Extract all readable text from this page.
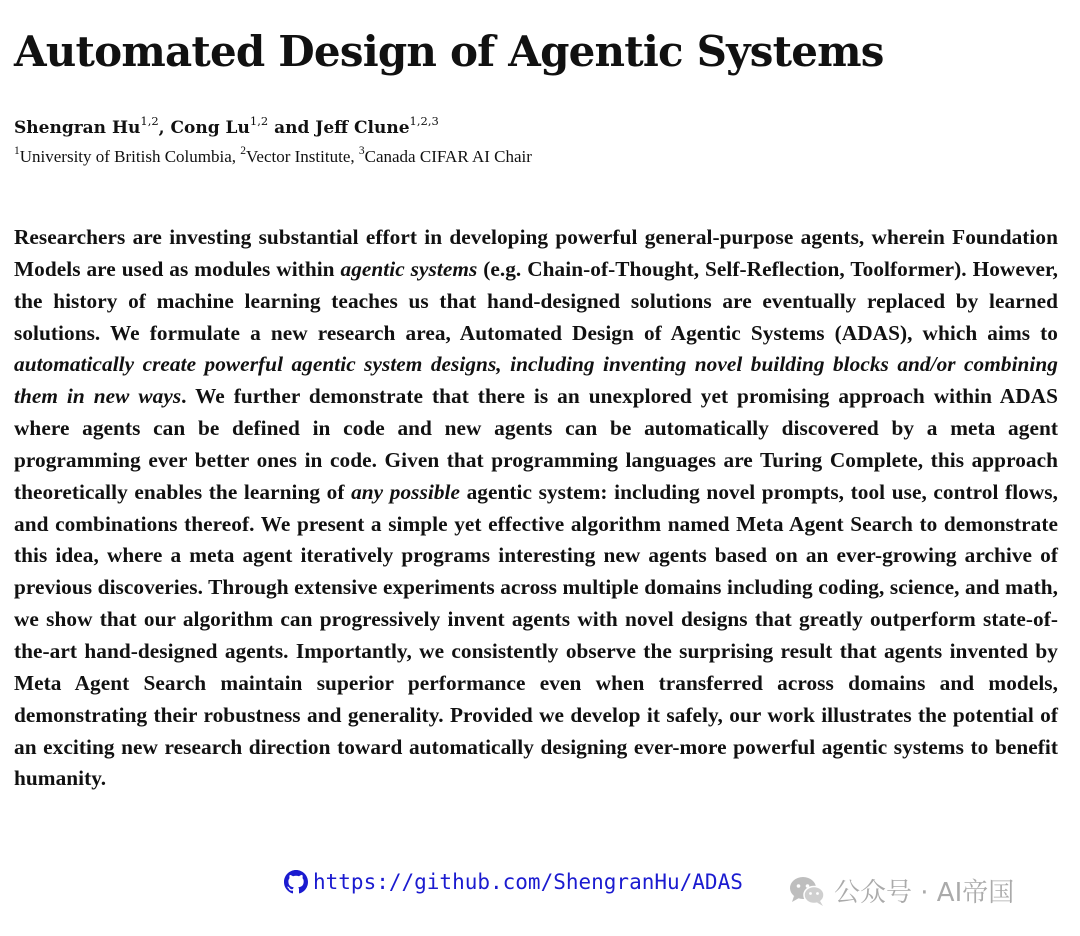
Automated Design of Agentic Systems
Shengran Hu$^{1,2}$, Cong Lu$^{1,2}$ and Jeff Clune$^{1,2,3}$
$^1$University of British Columbia, $^2$Vector Institute, $^3$Canada CIFAR AI Chair

Researchers are investing substantial effort in developing powerful general-purpose agents, wherein Foundation Models are used as modules within agentic systems (e.g. Chain-of-Thought, Self-Reflection, Toolformer). However, the history of machine learning teaches us that hand-designed solutions are eventually replaced by learned solutions. We formulate a new research area, Automated Design of Agentic Systems (ADAS), which aims to automatically create powerful agentic system designs, including inventing novel building blocks and/or combining them in new ways. We further demonstrate that there is an unexplored yet promising approach within ADAS where agents can be defined in code and new agents can be automatically discovered by a meta agent programming ever better ones in code. Given that programming languages are Turing Complete, this approach theoretically enables the learning of any possible agentic system: including novel prompts, tool use, control flows, and combinations thereof. We present a simple yet effective algorithm named Meta Agent Search to demonstrate this idea, where a meta agent iteratively programs interesting new agents based on an ever-growing archive of previous discoveries. Through extensive experiments across multiple domains including coding, science, and math, we show that our algorithm can progressively invent agents with novel designs that greatly outperform state-of-the-art hand-designed agents. Importantly, we consistently observe the surprising result that agents invented by Meta Agent Search maintain superior performance even when transferred across domains and models, demonstrating their robustness and generality. Provided we develop it safely, our work illustrates the potential of an exciting new research direction toward automatically designing ever-more powerful agentic systems to benefit humanity.

https://github.com/ShengranHu/ADAS	公众号 · AI帝国
